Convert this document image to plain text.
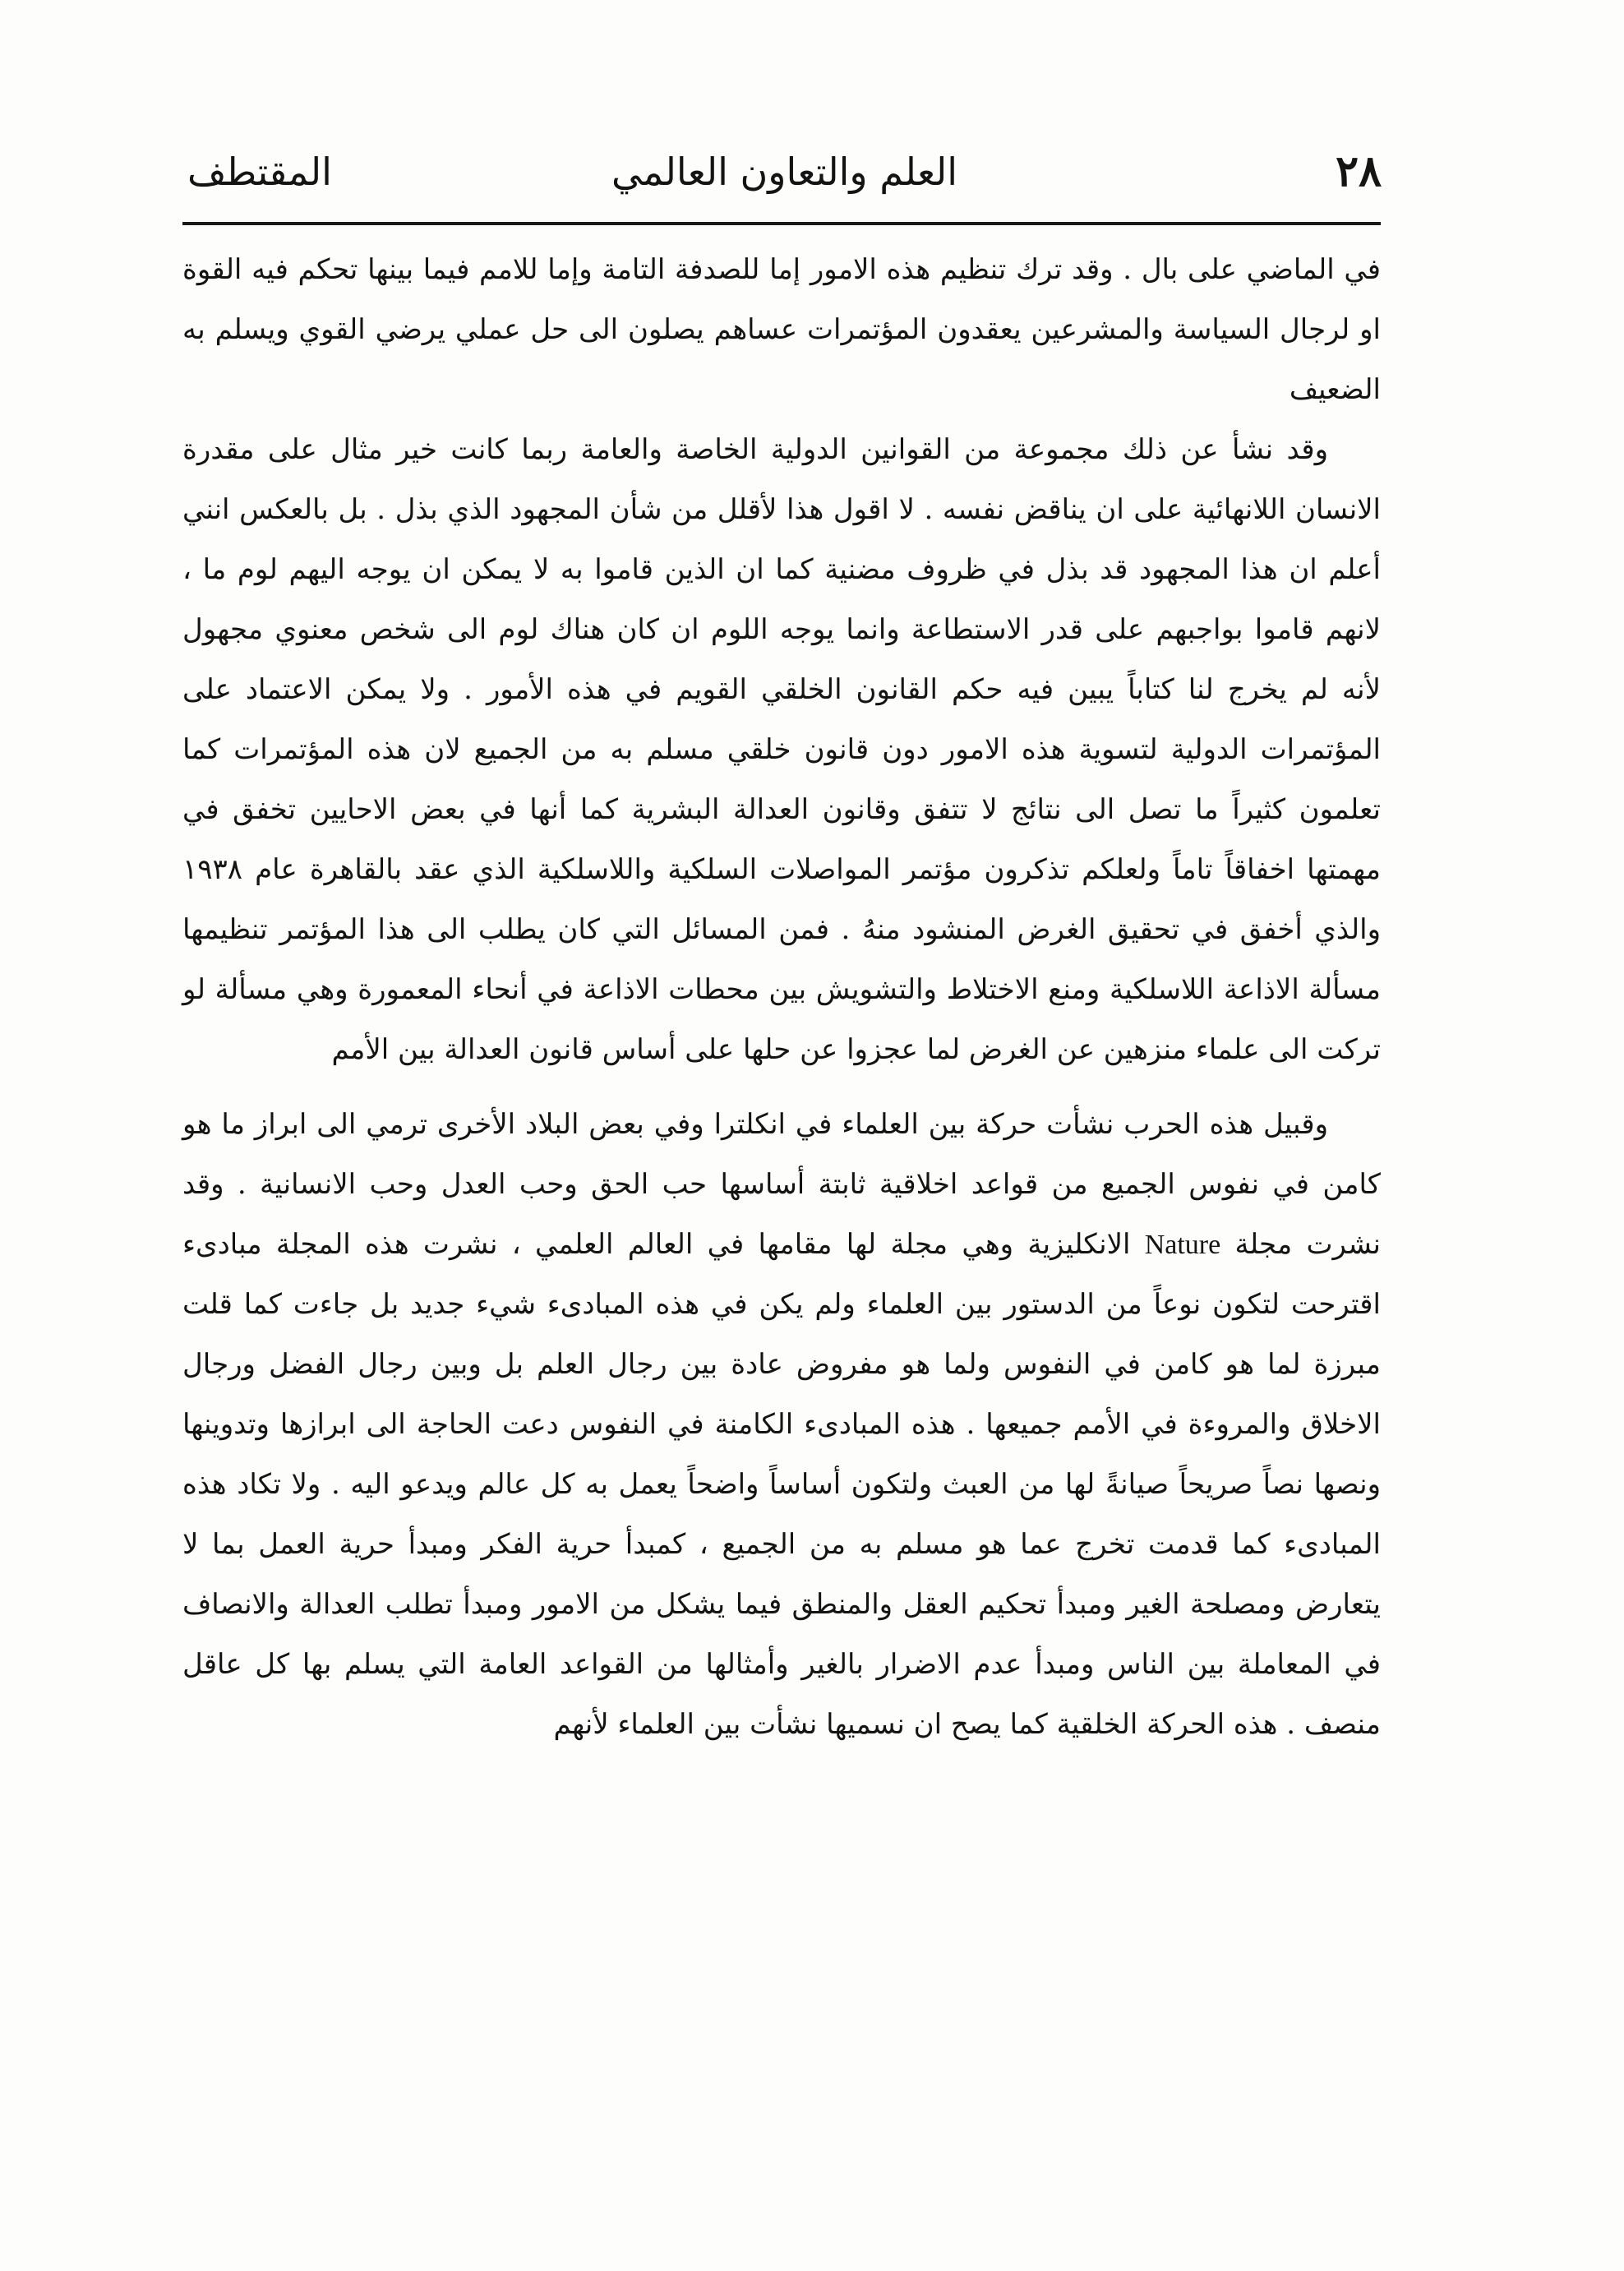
٢٨
العلم والتعاون العالمي
المقتطف

في الماضي على بال . وقد ترك تنظيم هذه الامور إما للصدفة التامة وإما للامم فيما بينها تحكم فيه القوة او لرجال السياسة والمشرعين يعقدون المؤتمرات عساهم يصلون الى حل عملي يرضي القوي ويسلم به الضعيف

وقد نشأ عن ذلك مجموعة من القوانين الدولية الخاصة والعامة ربما كانت خير مثال على مقدرة الانسان اللانهائية على ان يناقض نفسه . لا اقول هذا لأقلل من شأن المجهود الذي بذل . بل بالعكس انني أعلم ان هذا المجهود قد بذل في ظروف مضنية كما ان الذين قاموا به لا يمكن ان يوجه اليهم لوم ما ، لانهم قاموا بواجبهم على قدر الاستطاعة وانما يوجه اللوم ان كان هناك لوم الى شخص معنوي مجهول لأنه لم يخرج لنا كتاباً يبين فيه حكم القانون الخلقي القويم في هذه الأمور . ولا يمكن الاعتماد على المؤتمرات الدولية لتسوية هذه الامور دون قانون خلقي مسلم به من الجميع لان هذه المؤتمرات كما تعلمون كثيراً ما تصل الى نتائج لا تتفق وقانون العدالة البشرية كما أنها في بعض الاحايين تخفق في مهمتها اخفاقاً تاماً ولعلكم تذكرون مؤتمر المواصلات السلكية واللاسلكية الذي عقد بالقاهرة عام ١٩٣٨ والذي أخفق في تحقيق الغرض المنشود منهُ . فمن المسائل التي كان يطلب الى هذا المؤتمر تنظيمها مسألة الاذاعة اللاسلكية ومنع الاختلاط والتشويش بين محطات الاذاعة في أنحاء المعمورة وهي مسألة لو تركت الى علماء منزهين عن الغرض لما عجزوا عن حلها على أساس قانون العدالة بين الأمم

وقبيل هذه الحرب نشأت حركة بين العلماء في انكلترا وفي بعض البلاد الأخرى ترمي الى ابراز ما هو كامن في نفوس الجميع من قواعد اخلاقية ثابتة أساسها حب الحق وحب العدل وحب الانسانية . وقد نشرت مجلة Nature الانكليزية وهي مجلة لها مقامها في العالم العلمي ، نشرت هذه المجلة مبادىء اقترحت لتكون نوعاً من الدستور بين العلماء ولم يكن في هذه المبادىء شيء جديد بل جاءت كما قلت مبرزة لما هو كامن في النفوس ولما هو مفروض عادة بين رجال العلم بل وبين رجال الفضل ورجال الاخلاق والمروءة في الأمم جميعها . هذه المبادىء الكامنة في النفوس دعت الحاجة الى ابرازها وتدوينها ونصها نصاً صريحاً صيانةً لها من العبث ولتكون أساساً واضحاً يعمل به كل عالم ويدعو اليه . ولا تكاد هذه المبادىء كما قدمت تخرج عما هو مسلم به من الجميع ، كمبدأ حرية الفكر ومبدأ حرية العمل بما لا يتعارض ومصلحة الغير ومبدأ تحكيم العقل والمنطق فيما يشكل من الامور ومبدأ تطلب العدالة والانصاف في المعاملة بين الناس ومبدأ عدم الاضرار بالغير وأمثالها من القواعد العامة التي يسلم بها كل عاقل منصف . هذه الحركة الخلقية كما يصح ان نسميها نشأت بين العلماء لأنهم
